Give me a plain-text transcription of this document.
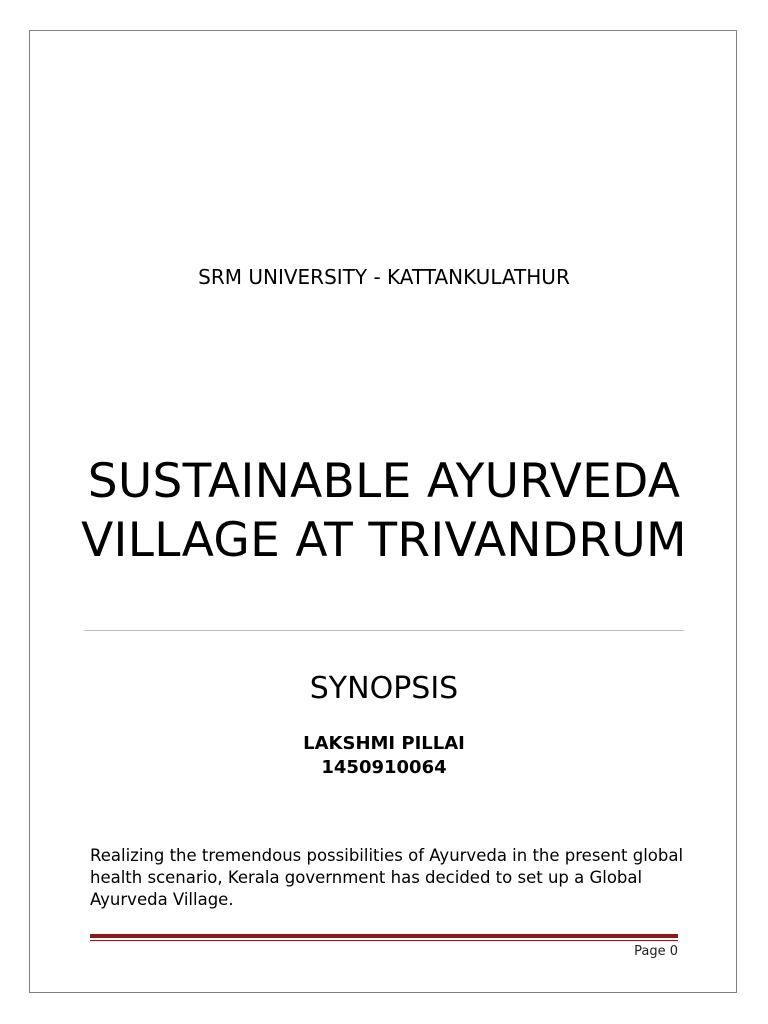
SRM UNIVERSITY - KATTANKULATHUR
SUSTAINABLE AYURVEDA VILLAGE AT TRIVANDRUM
SYNOPSIS
LAKSHMI PILLAI
1450910064
Realizing the tremendous possibilities of Ayurveda in the present global health scenario, Kerala government has decided to set up a Global Ayurveda Village.
Page 0
